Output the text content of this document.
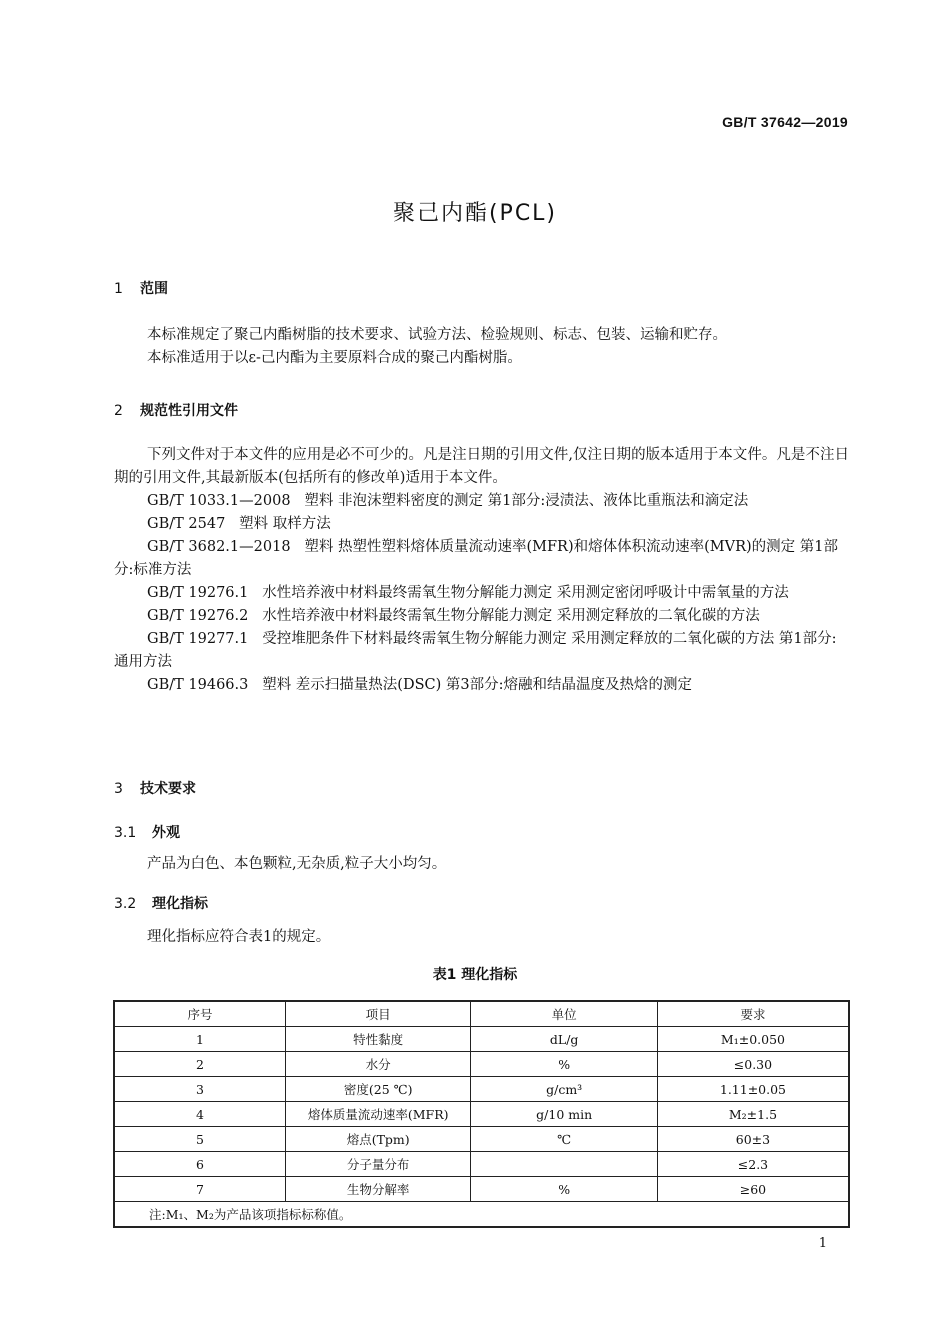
GB/T 37642—2019
聚己内酯(PCL)
1 范围

本标准规定了聚己内酯树脂的技术要求、试验方法、检验规则、标志、包装、运输和贮存。

本标准适用于以ε-己内酯为主要原料合成的聚己内酯树脂。

2 规范性引用文件

下列文件对于本文件的应用是必不可少的。凡是注日期的引用文件,仅注日期的版本适用于本文件。凡是不注日期的引用文件,其最新版本(包括所有的修改单)适用于本文件。

GB/T 1033.1—2008 塑料 非泡沫塑料密度的测定 第1部分:浸渍法、液体比重瓶法和滴定法

GB/T 2547 塑料 取样方法

GB/T 3682.1—2018 塑料 热塑性塑料熔体质量流动速率(MFR)和熔体体积流动速率(MVR)的测定 第1部分:标准方法

GB/T 19276.1 水性培养液中材料最终需氧生物分解能力测定 采用测定密闭呼吸计中需氧量的方法

GB/T 19276.2 水性培养液中材料最终需氧生物分解能力测定 采用测定释放的二氧化碳的方法

GB/T 19277.1 受控堆肥条件下材料最终需氧生物分解能力测定 采用测定释放的二氧化碳的方法 第1部分:通用方法

GB/T 19466.3 塑料 差示扫描量热法(DSC) 第3部分:熔融和结晶温度及热焓的测定

3 技术要求
3.1 外观

产品为白色、本色颗粒,无杂质,粒子大小均匀。

3.2 理化指标

理化指标应符合表1的规定。

表1 理化指标
序号	项目	单位	要求
1	特性黏度	dL/g	M₁±0.050
2	水分	%	≤0.30
3	密度(25 ℃)	g/cm³	1.11±0.05
4	熔体质量流动速率(MFR)	g/10 min	M₂±1.5
5	熔点(Tpm)	℃	60±3
6	分子量分布		≤2.3
7	生物分解率	%	≥60
注:M₁、M₂为产品该项指标标称值。			
1
